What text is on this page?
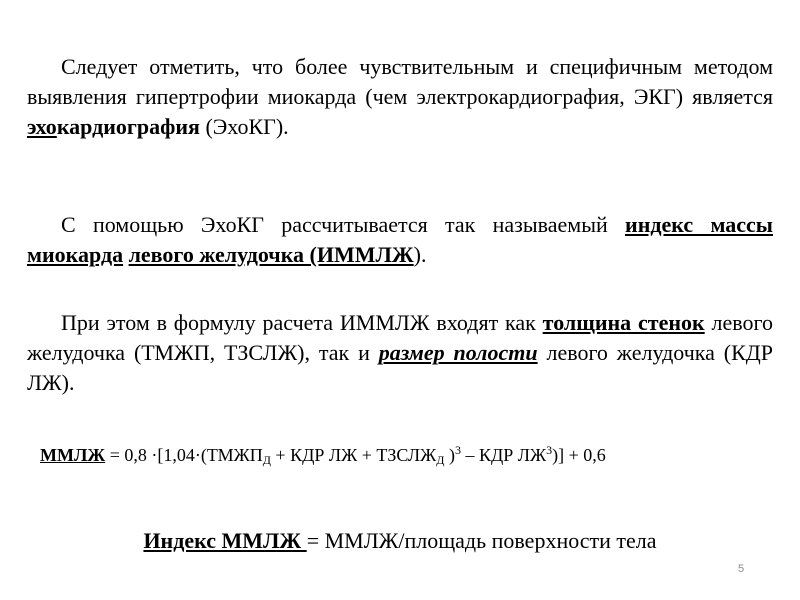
Следует отметить, что более чувствительным и специфичным методом выявления гипертрофии миокарда (чем электрокардиография, ЭКГ) является эхокардиография (ЭхоКГ).
С помощью ЭхоКГ рассчитывается так называемый индекс массы миокарда левого желудочка (ИММЛЖ).
При этом в формулу расчета ИММЛЖ входят как толщина стенок левого желудочка (ТМЖП, ТЗСЛЖ), так и размер полости левого желудочка (КДР ЛЖ).
ММЛЖ = $0,8 \cdot[1,04\cdot(ТМЖП_Д$ + КДР ЛЖ + $ТЗСЛЖ_Д$ )$^3$ – КДР $ЛЖ^3)] + 0,6$
Индекс ММЛЖ = ММЛЖ/площадь поверхности тела
5
